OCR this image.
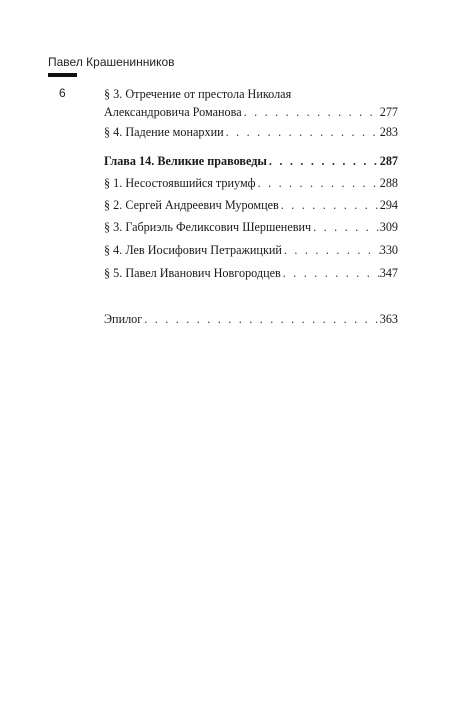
Павел Крашенинников
6	§ 3. Отречение от престола Николая
Александровича Романова . . .	277
§ 4. Падение монархии . . .	283
Глава 14. Великие правоведы . . .	287
§ 1. Несостоявшийся триумф . . .	288
§ 2. Сергей Андреевич Муромцев . . .	294
§ 3. Габриэль Феликсович Шершеневич . . .	309
§ 4. Лев Иосифович Петражицкий . . .	330
§ 5. Павел Иванович Новгородцев . . .	347
Эпилог . . .	363
